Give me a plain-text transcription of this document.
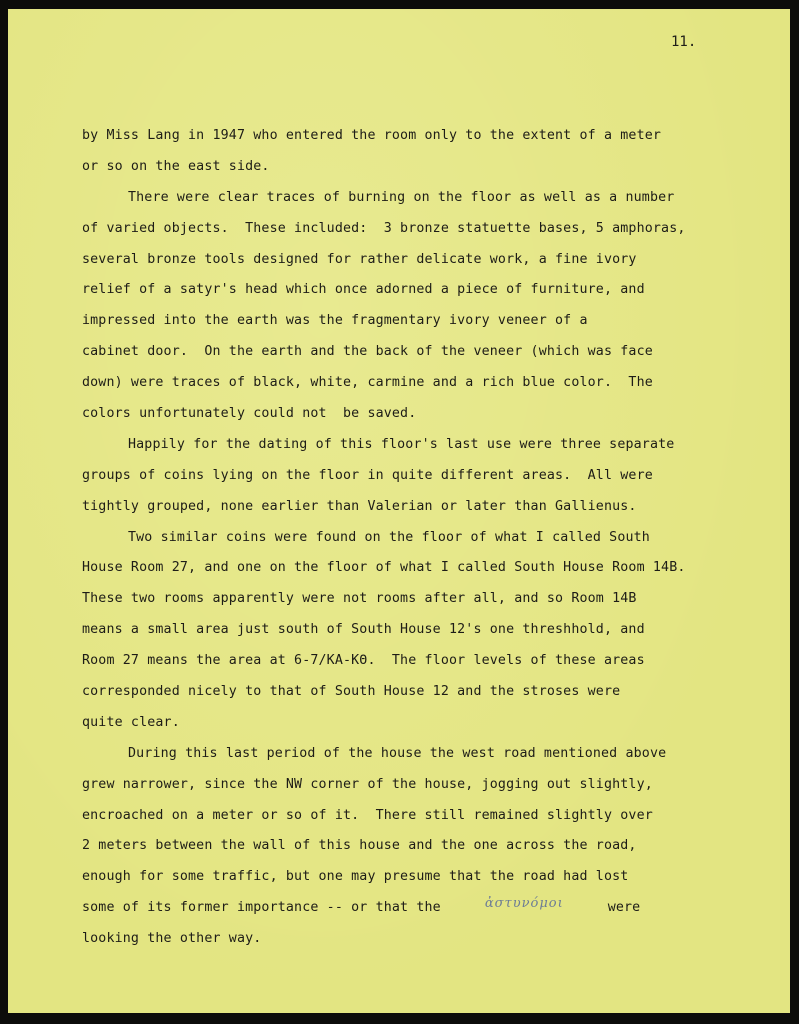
11.
by Miss Lang in 1947 who entered the room only to the extent of a meter
or so on the east side.
There were clear traces of burning on the floor as well as a number
of varied objects.  These included:  3 bronze statuette bases, 5 amphoras,
several bronze tools designed for rather delicate work, a fine ivory
relief of a satyr's head which once adorned a piece of furniture, and
impressed into the earth was the fragmentary ivory veneer of a
cabinet door.  On the earth and the back of the veneer (which was face
down) were traces of black, white, carmine and a rich blue color.  The
colors unfortunately could not  be saved.
Happily for the dating of this floor's last use were three separate
groups of coins lying on the floor in quite different areas.  All were
tightly grouped, none earlier than Valerian or later than Gallienus.
Two similar coins were found on the floor of what I called South
House Room 27, and one on the floor of what I called South House Room 14B.
These two rooms apparently were not rooms after all, and so Room 14B
means a small area just south of South House 12's one threshhold, and
Room 27 means the area at 6-7/KA-KΘ.  The floor levels of these areas
corresponded nicely to that of South House 12 and the stroses were
quite clear.
During this last period of the house the west road mentioned above
grew narrower, since the NW corner of the house, jogging out slightly,
encroached on a meter or so of it.  There still remained slightly over
2 meters between the wall of this house and the one across the road,
enough for some traffic, but one may presume that the road had lost
some of its former importance -- or that the	ἀστυνόμοι	were
looking the other way.
